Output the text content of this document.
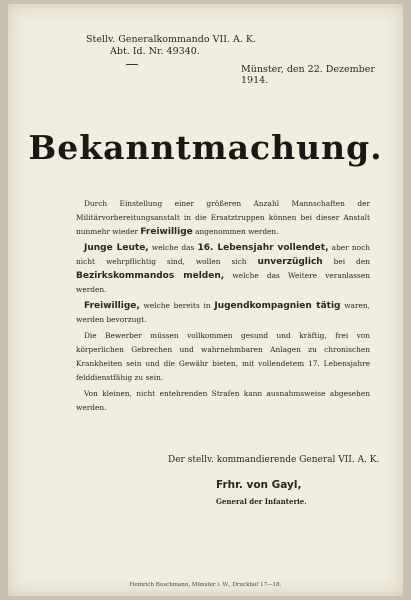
Stellv. Generalkommando VII. A. K.
Abt. Id. Nr. 49340.
Münster, den 22. Dezember 1914.
Bekanntmachung.

Durch Einstellung einer größeren Anzahl Mannschaften der Militärvorbereitungsanstalt in die Ersatztruppen können bei dieser Anstalt nunmehr wieder Freiwillige angenommen werden.

Junge Leute, welche das 16. Lebensjahr vollendet, aber noch nicht wehrpflichtig sind, wollen sich unverzüglich bei den Bezirkskommandos melden, welche das Weitere veranlassen werden.

Freiwillige, welche bereits in Jugendkompagnien tätig waren, werden bevorzugt.

Die Bewerber müssen vollkommen gesund und kräftig, frei von körperlichen Gebrechen und wahrnehmbaren Anlagen zu chronischen Krankheiten sein und die Gewähr bieten, mit vollendetem 17. Lebensjahre felddienstfähig zu sein.

Von kleinen, nicht entehrenden Strafen kann ausnahmsweise abgesehen werden.

Der stellv. kommandierende General VII. A. K.
Frhr. von Gayl,
General der Infanterie.
Heinrich Buschmann, Münster i. W., Druckhof 17—18.
